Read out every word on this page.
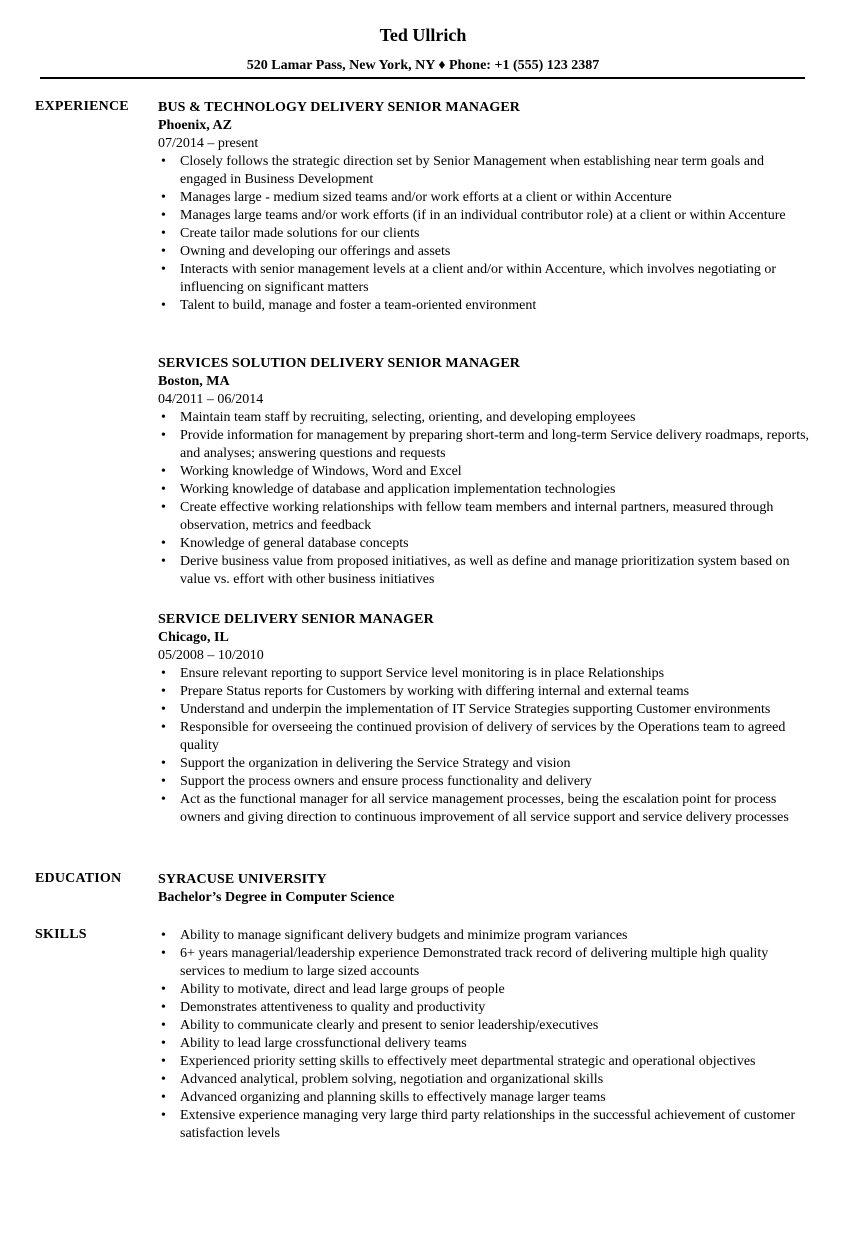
Ted Ullrich
520 Lamar Pass, New York, NY ♦ Phone: +1 (555) 123 2387
EXPERIENCE BUS & TECHNOLOGY DELIVERY SENIOR MANAGER
Phoenix, AZ
07/2014 – present
• Closely follows the strategic direction set by Senior Management when establishing near term goals and engaged in Business Development
• Manages large - medium sized teams and/or work efforts at a client or within Accenture
• Manages large teams and/or work efforts (if in an individual contributor role) at a client or within Accenture
• Create tailor made solutions for our clients
• Owning and developing our offerings and assets
• Interacts with senior management levels at a client and/or within Accenture, which involves negotiating or influencing on significant matters
• Talent to build, manage and foster a team-oriented environment
SERVICES SOLUTION DELIVERY SENIOR MANAGER
Boston, MA
04/2011 – 06/2014
• Maintain team staff by recruiting, selecting, orienting, and developing employees
• Provide information for management by preparing short-term and long-term Service delivery roadmaps, reports, and analyses; answering questions and requests
• Working knowledge of Windows, Word and Excel
• Working knowledge of database and application implementation technologies
• Create effective working relationships with fellow team members and internal partners, measured through observation, metrics and feedback
• Knowledge of general database concepts
• Derive business value from proposed initiatives, as well as define and manage prioritization system based on value vs. effort with other business initiatives
SERVICE DELIVERY SENIOR MANAGER
Chicago, IL
05/2008 – 10/2010
• Ensure relevant reporting to support Service level monitoring is in place Relationships
• Prepare Status reports for Customers by working with differing internal and external teams
• Understand and underpin the implementation of IT Service Strategies supporting Customer environments
• Responsible for overseeing the continued provision of delivery of services by the Operations team to agreed quality
• Support the organization in delivering the Service Strategy and vision
• Support the process owners and ensure process functionality and delivery
• Act as the functional manager for all service management processes, being the escalation point for process owners and giving direction to continuous improvement of all service support and service delivery processes
EDUCATION	SYRACUSE UNIVERSITY
Bachelor’s Degree in Computer Science
SKILLS
•	Ability to manage significant delivery budgets and minimize program variances
• 6+ years managerial/leadership experience Demonstrated track record of delivering multiple high quality services to medium to large sized accounts
• Ability to motivate, direct and lead large groups of people
• Demonstrates attentiveness to quality and productivity
• Ability to communicate clearly and present to senior leadership/executives
• Ability to lead large crossfunctional delivery teams
• Experienced priority setting skills to effectively meet departmental strategic and operational objectives
• Advanced analytical, problem solving, negotiation and organizational skills
• Advanced organizing and planning skills to effectively manage larger teams
• Extensive experience managing very large third party relationships in the successful achievement of customer satisfaction levels
